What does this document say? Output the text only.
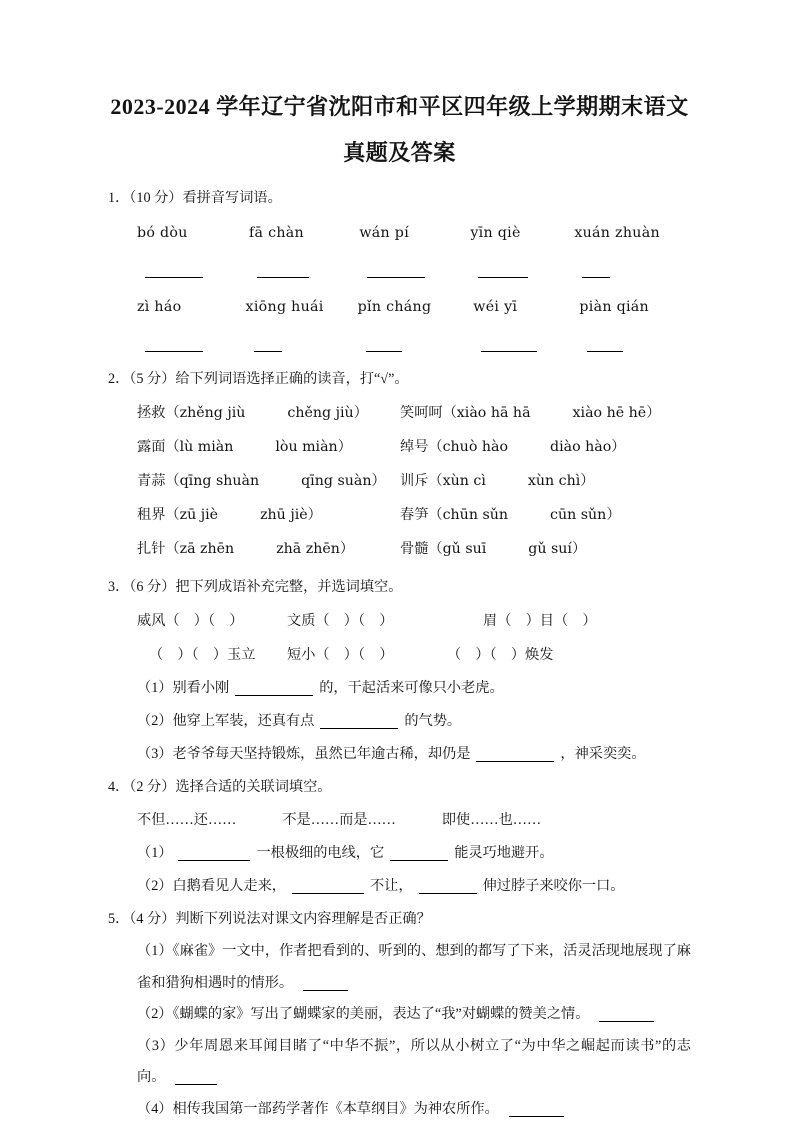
2023-2024 学年辽宁省沈阳市和平区四年级上学期期末语文
真题及答案
1．（10 分）看拼音写词语。
bó dòu	fā chàn	wán pí	yīn qiè	xuán zhuàn
zì háo	xiōng huái	pǐn cháng	wéi yī	piàn qián
2．（5 分）给下列词语选择正确的读音，打“√”。
拯救（zhěng jiù	chěng jiù）	笑呵呵（xiào hā hā	xiào hē hē）
露面（lù miàn	lòu miàn）	绰号（chuò hào	diào hào）
青蒜（qīng shuàn	qīng suàn）	训斥（xùn cì	xùn chì）
租界（zū jiè	zhū jiè）	春笋（chūn sǔn	cūn sǔn）
扎针（zā zhēn	zhā zhēn）	骨髓（gǔ suī	gǔ suí）
3．（6 分）把下列成语补充完整，并选词填空。
威风（　）（　）	文质（　）（　）	眉（　）目（　）
（　）（　）玉立	短小（　）（　）	（　）（　）焕发
（1）别看小刚	的，干起活来可像只小老虎。
（2）他穿上军装，还真有点	的气势。
（3）老爷爷每天坚持锻炼，虽然已年逾古稀，却仍是	，神采奕奕。
4．（2 分）选择合适的关联词填空。
不但……还……	不是……而是……	即使……也……
（1）	一根极细的电线，它	能灵巧地避开。
（2）白鹅看见人走来，	不让，	伸过脖子来咬你一口。
5．（4 分）判断下列说法对课文内容理解是否正确？
（1）《麻雀》一文中，作者把看到的、听到的、想到的都写了下来，活灵活现地展现了麻雀和猎狗相遇时的情形。
（2）《蝴蝶的家》写出了蝴蝶家的美丽，表达了“我”对蝴蝶的赞美之情。
（3）少年周恩来耳闻目睹了“中华不振”，所以从小树立了“为中华之崛起而读书”的志向。
（4）相传我国第一部药学著作《本草纲目》为神农所作。
